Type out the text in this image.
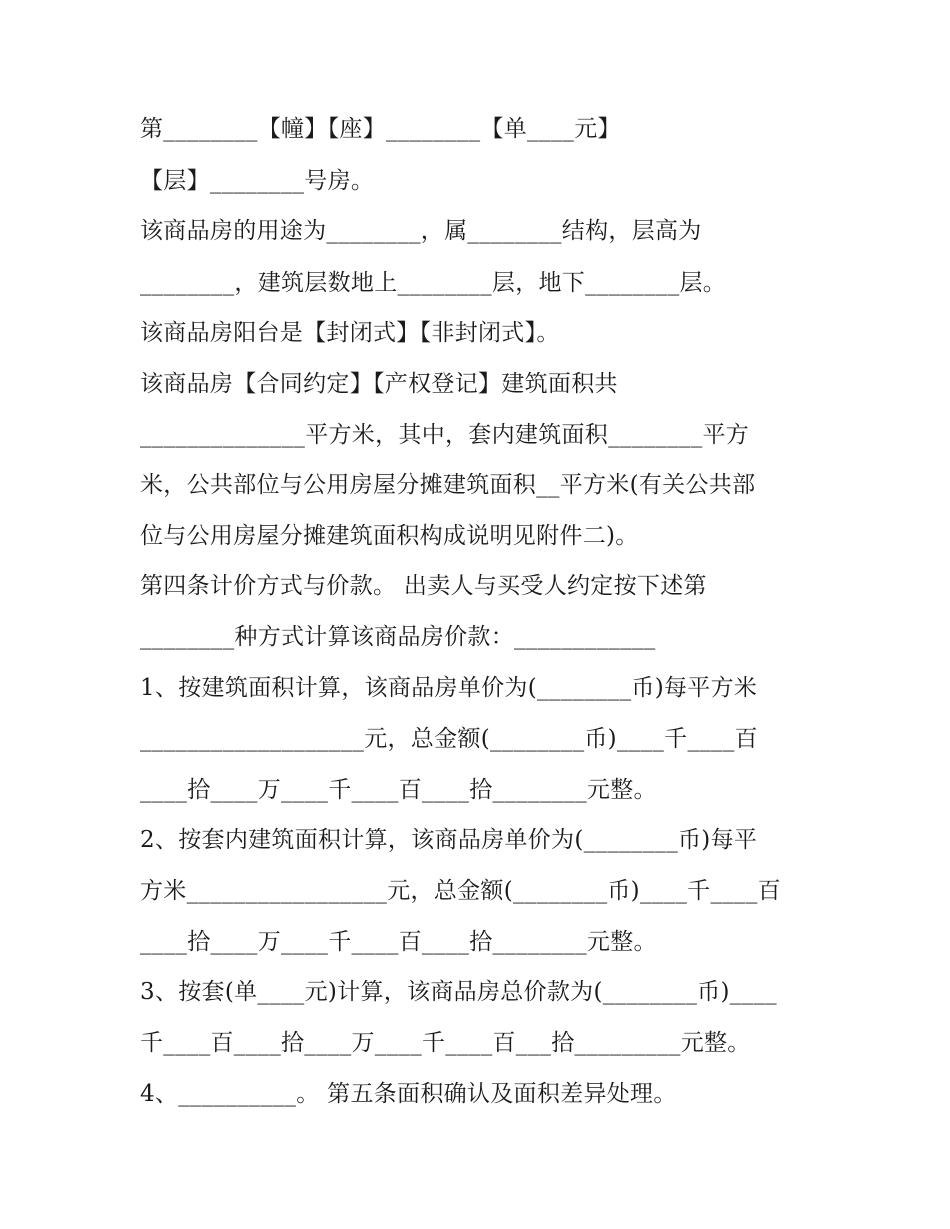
第________【幢】【座】________【单____元】
【层】________号房。
该商品房的用途为________，属________结构，层高为
________，建筑层数地上________层，地下________层。
该商品房阳台是【封闭式】【非封闭式】。
该商品房【合同约定】【产权登记】建筑面积共
______________平方米，其中，套内建筑面积________平方
米，公共部位与公用房屋分摊建筑面积__平方米(有关公共部
位与公用房屋分摊建筑面积构成说明见附件二)。
第四条计价方式与价款。 出卖人与买受人约定按下述第
________种方式计算该商品房价款：____________
1、按建筑面积计算，该商品房单价为(________币)每平方米
___________________元，总金额(________币)____千____百
____拾____万____千____百____拾________元整。
2、按套内建筑面积计算，该商品房单价为(________币)每平
方米_________________元，总金额(________币)____千____百
____拾____万____千____百____拾________元整。
3、按套(单____元)计算，该商品房总价款为(________币)____
千____百____拾____万____千____百___拾_________元整。
4、__________。 第五条面积确认及面积差异处理。
